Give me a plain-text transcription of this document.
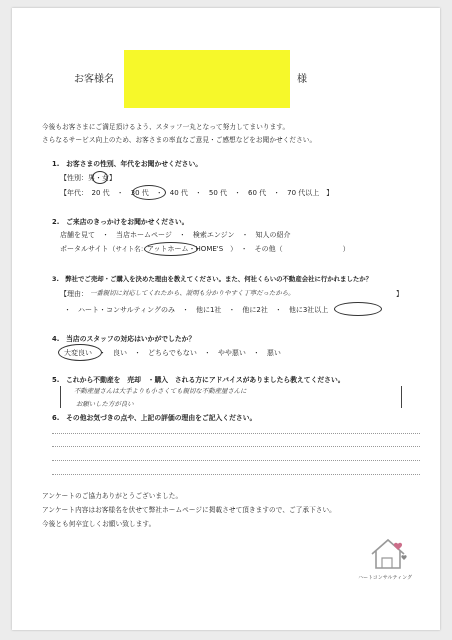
お客様名	様
今後もお客さまにご満足頂けるよう、スタッフ一丸となって努力してまいります。
さらなるサービス向上のため、お客さまの率直なご意見・ご感想などをお聞かせください。
1.　お客さまの性別、年代をお聞かせください。
【性別：男・女】
【年代：　20 代　・　30 代　・　40 代　・　50 代　・　60 代　・　70 代以上　】
2.　ご来店のきっかけをお聞かせください。
店舗を見て　・　当店ホームページ　・　検索エンジン　・　知人の紹介
ポータルサイト（サイト名：アットホーム・HOME'S　）　・　その他（	）
3.　弊社でご売却・ご購入を決めた理由を教えてください。また、何社くらいの不動産会社に行かれましたか？
【理由： 一番親切に対応してくれたから、説明も分かりやすく丁寧だったから。	】
・　ハート・コンサルティングのみ　・　他に1社　・　他に2社　・　他に3社以上
4.　当店のスタッフの対応はいかがでしたか？
大変良い　・　良い　・　どちらでもない　・　やや悪い　・　悪い
5.　これから不動産を　売却　・購入　される方にアドバイスがありましたら教えてください。
不動産屋さんは大手よりも小さくても親切な不動産屋さんに
お願いした方が良い
6.　その他お気づきの点や、上記の評価の理由をご記入ください。
アンケートのご協力ありがとうございました。
アンケート内容はお客様名を伏せて弊社ホームページに掲載させて頂きますので、ご了承下さい。
今後とも何卒宜しくお願い致します。
ハートコンサルティング
